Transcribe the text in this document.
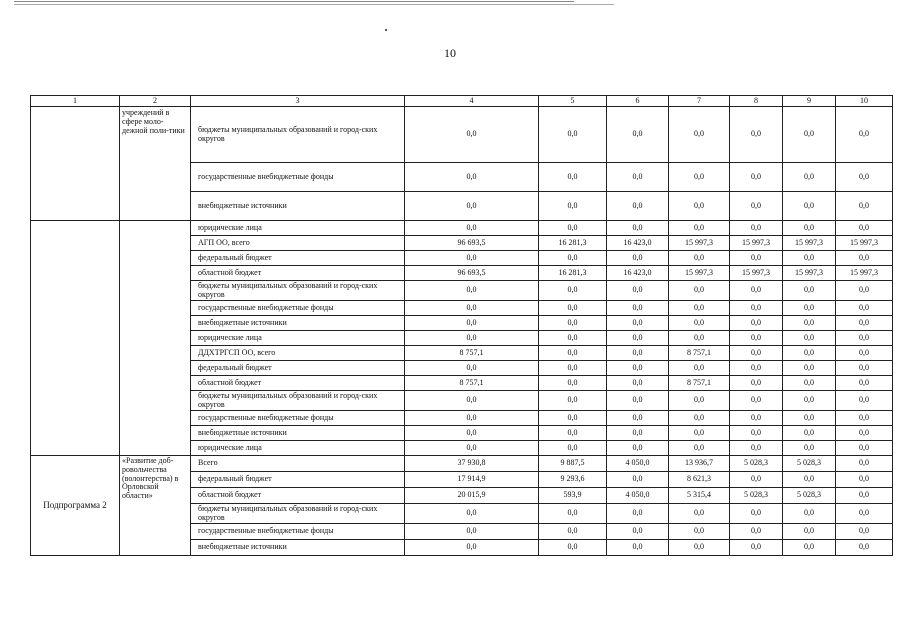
10
1	2	3	4	5	6	7	8	9	10
	учреждений в сфере моло-дежной поли-тики	бюджеты муниципальных образований и город-ских округов	0,0	0,0	0,0	0,0	0,0	0,0	0,0
		государственные внебюджетные фонды	0,0	0,0	0,0	0,0	0,0	0,0	0,0
		внебюджетные источники	0,0	0,0	0,0	0,0	0,0	0,0	0,0
		юридические лица	0,0	0,0	0,0	0,0	0,0	0,0	0,0
		АГП ОО, всего	96 693,5	16 281,3	16 423,0	15 997,3	15 997,3	15 997,3	15 997,3
		федеральный бюджет	0,0	0,0	0,0	0,0	0,0	0,0	0,0
		областной бюджет	96 693,5	16 281,3	16 423,0	15 997,3	15 997,3	15 997,3	15 997,3
		бюджеты муниципальных образований и город-ских округов	0,0	0,0	0,0	0,0	0,0	0,0	0,0
		государственные внебюджетные фонды	0,0	0,0	0,0	0,0	0,0	0,0	0,0
		внебюджетные источники	0,0	0,0	0,0	0,0	0,0	0,0	0,0
		юридические лица	0,0	0,0	0,0	0,0	0,0	0,0	0,0
		ДДХТРГСП ОО, всего	8 757,1	0,0	0,0	8 757,1	0,0	0,0	0,0
		федеральный бюджет	0,0	0,0	0,0	0,0	0,0	0,0	0,0
		областной бюджет	8 757,1	0,0	0,0	8 757,1	0,0	0,0	0,0
		бюджеты муниципальных образований и город-ских округов	0,0	0,0	0,0	0,0	0,0	0,0	0,0
		государственные внебюджетные фонды	0,0	0,0	0,0	0,0	0,0	0,0	0,0
		внебюджетные источники	0,0	0,0	0,0	0,0	0,0	0,0	0,0
		юридические лица	0,0	0,0	0,0	0,0	0,0	0,0	0,0
Подпрограмма 2	«Развитие доб-ровольчества (волонтерства) в Орловской области»	Всего	37 930,8	9 887,5	4 050,0	13 936,7	5 028,3	5 028,3	0,0
		федеральный бюджет	17 914,9	9 293,6	0,0	8 621,3	0,0	0,0	0,0
		областной бюджет	20 015,9	593,9	4 050,0	5 315,4	5 028,3	5 028,3	0,0
		бюджеты муниципальных образований и город-ских округов	0,0	0,0	0,0	0,0	0,0	0,0	0,0
		государственные внебюджетные фонды	0,0	0,0	0,0	0,0	0,0	0,0	0,0
		внебюджетные источники	0,0	0,0	0,0	0,0	0,0	0,0	0,0
